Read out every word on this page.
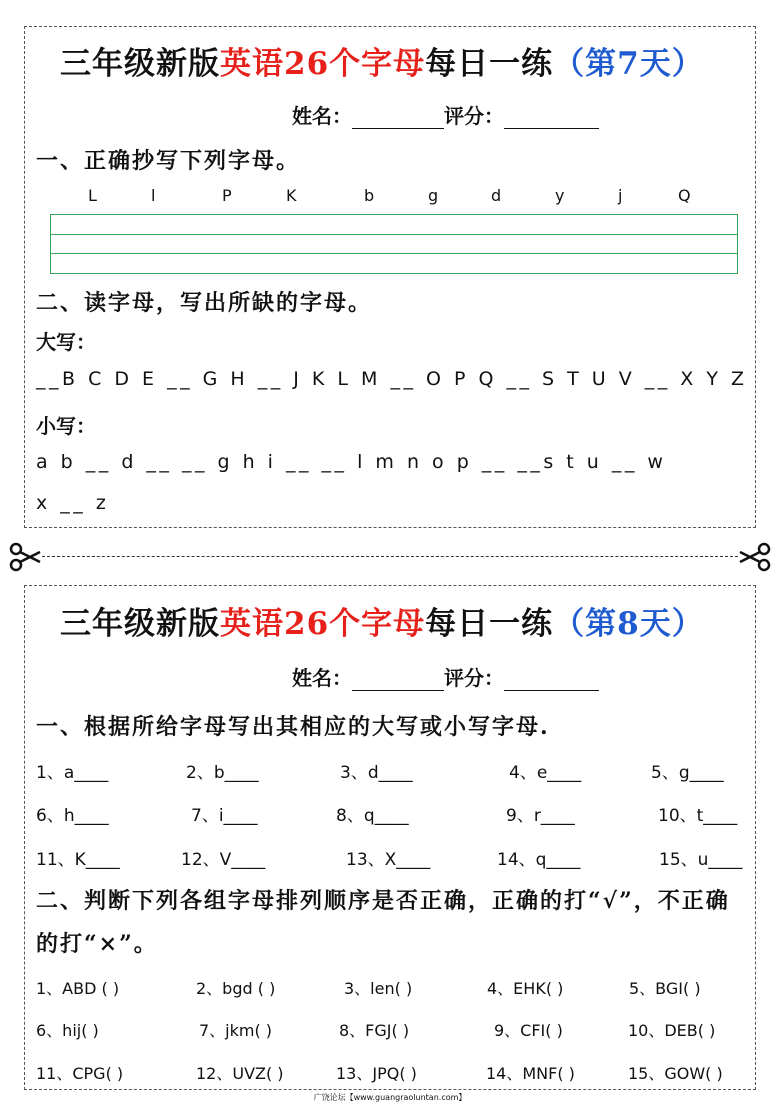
三年级新版英语26个字母每日一练（第7天）
姓名：	评分：
一、正确抄写下列字母。
L	l	P	K	b	g	d	y	j	Q
二、读字母，写出所缺的字母。
大写：
__B C D E __ G H __ J K L M __ O P Q __ S T U V __ X Y Z
小写：
a b __ d __ __ g h i __ __ l m n o p __ __s t u __ w
x __ z
三年级新版英语26个字母每日一练（第8天）
姓名：	评分：
一、根据所给字母写出其相应的大写或小写字母.
1、a____	2、b____	3、d____	4、e____	5、g____
6、h____	7、i____	8、q____	9、r____	10、t____
11、K____	12、V____	13、X____	14、q____	15、u____
二、判断下列各组字母排列顺序是否正确，正确的打“√”，不正确
的打“×”。
1、ABD ( )	2、bgd ( )	3、len( )	4、EHK( )	5、BGI( )
6、hij( )	7、jkm( )	8、FGJ( )	9、CFI( )	10、DEB( )
11、CPG( )	12、UVZ( )	13、JPQ( )	14、MNF( )	15、GOW( )
广饶论坛【www.guangraoluntan.com】
